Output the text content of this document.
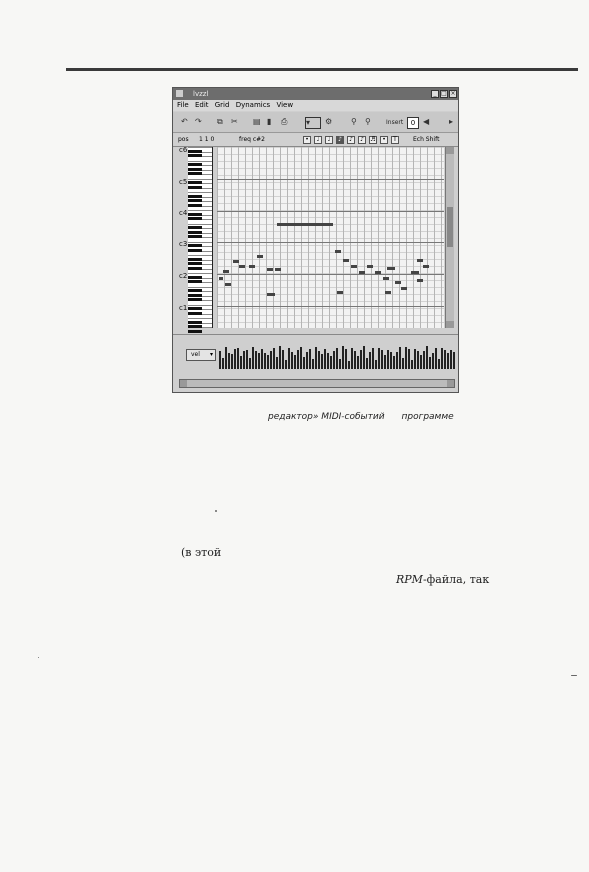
lvzzl	_ □ ×
File Edit Grid Dynamics View
↶ ↷ ⧉ ✂ ▤ ▮ ⎙ ▾	⚙ ⚲ ⚲	Insert	0 ◀ ▸
pos 1 1 0	freq c#2	•	♩	♩	♪	♪	♪	♬	•	T	Ech Shift
c6
c5
c4
c3
c2
c1
vel ▾
редактор» MIDI-событий программе
(в этой
RPM-файла, так
